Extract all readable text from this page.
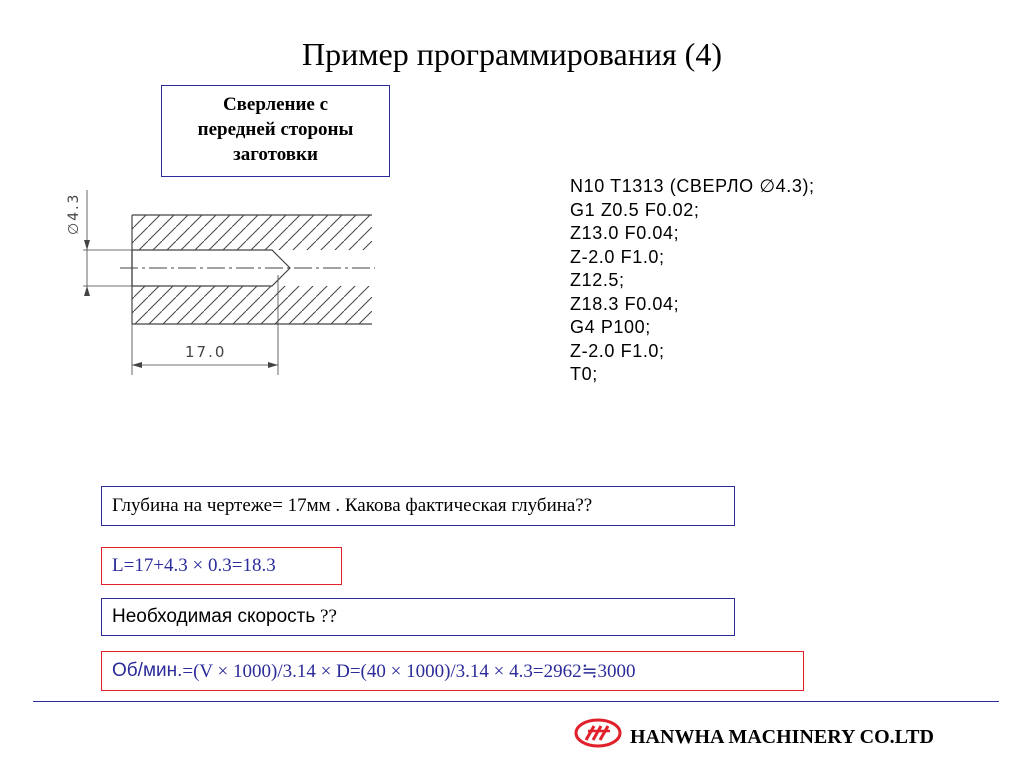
Пример программирования (4)
Сверление с
передней стороны
заготовки
N10 T1313 (СВЕРЛО ∅4.3);
G1 Z0.5 F0.02;
Z13.0 F0.04;
Z-2.0 F1.0;
Z12.5;
Z18.3 F0.04;
G4 P100;
Z-2.0 F1.0;
T0;
∅4.3
17.0
Глубина на чертеже= 17мм . Какова фактическая глубина??
L=17+4.3 × 0.3=18.3
Необходимая скорость ??
Об/мин. =(V × 1000)/3.14 × D=(40 × 1000)/3.14 × 4.3=2962≒3000
HANWHA MACHINERY CO.LTD
